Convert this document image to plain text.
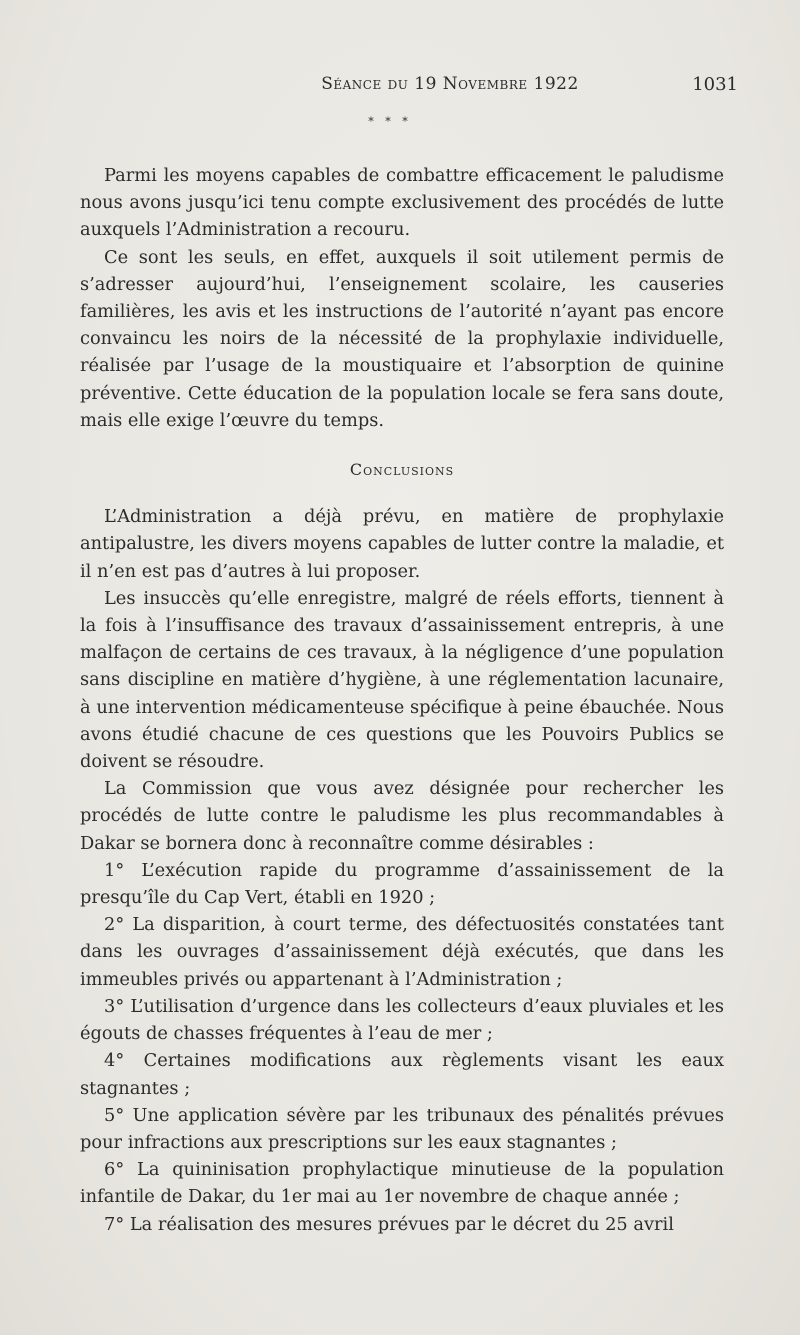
Séance du 19 Novembre 1922	1031
* * *

Parmi les moyens capables de combattre efficacement le paludisme nous avons jusqu’ici tenu compte exclusivement des procédés de lutte auxquels l’Administration a recouru.

Ce sont les seuls, en effet, auxquels il soit utilement permis de s’adresser aujourd’hui, l’enseignement scolaire, les causeries familières, les avis et les instructions de l’autorité n’ayant pas encore convaincu les noirs de la nécessité de la prophylaxie individuelle, réalisée par l’usage de la moustiquaire et l’absorption de quinine préventive. Cette éducation de la population locale se fera sans doute, mais elle exige l’œuvre du temps.

Conclusions

L’Administration a déjà prévu, en matière de prophylaxie antipalustre, les divers moyens capables de lutter contre la maladie, et il n’en est pas d’autres à lui proposer.

Les insuccès qu’elle enregistre, malgré de réels efforts, tiennent à la fois à l’insuffisance des travaux d’assainissement entrepris, à une malfaçon de certains de ces travaux, à la négligence d’une population sans discipline en matière d’hygiène, à une réglementation lacunaire, à une intervention médicamenteuse spécifique à peine ébauchée. Nous avons étudié chacune de ces questions que les Pouvoirs Publics se doivent se résoudre.

La Commission que vous avez désignée pour rechercher les procédés de lutte contre le paludisme les plus recommandables à Dakar se bornera donc à reconnaître comme désirables :

1° L’exécution rapide du programme d’assainissement de la presqu’île du Cap Vert, établi en 1920 ;

2° La disparition, à court terme, des défectuosités constatées tant dans les ouvrages d’assainissement déjà exécutés, que dans les immeubles privés ou appartenant à l’Administration ;

3° L’utilisation d’urgence dans les collecteurs d’eaux pluviales et les égouts de chasses fréquentes à l’eau de mer ;

4° Certaines modifications aux règlements visant les eaux stagnantes ;

5° Une application sévère par les tribunaux des pénalités prévues pour infractions aux prescriptions sur les eaux stagnantes ;

6° La quininisation prophylactique minutieuse de la population infantile de Dakar, du 1er mai au 1er novembre de chaque année ;

7° La réalisation des mesures prévues par le décret du 25 avril
